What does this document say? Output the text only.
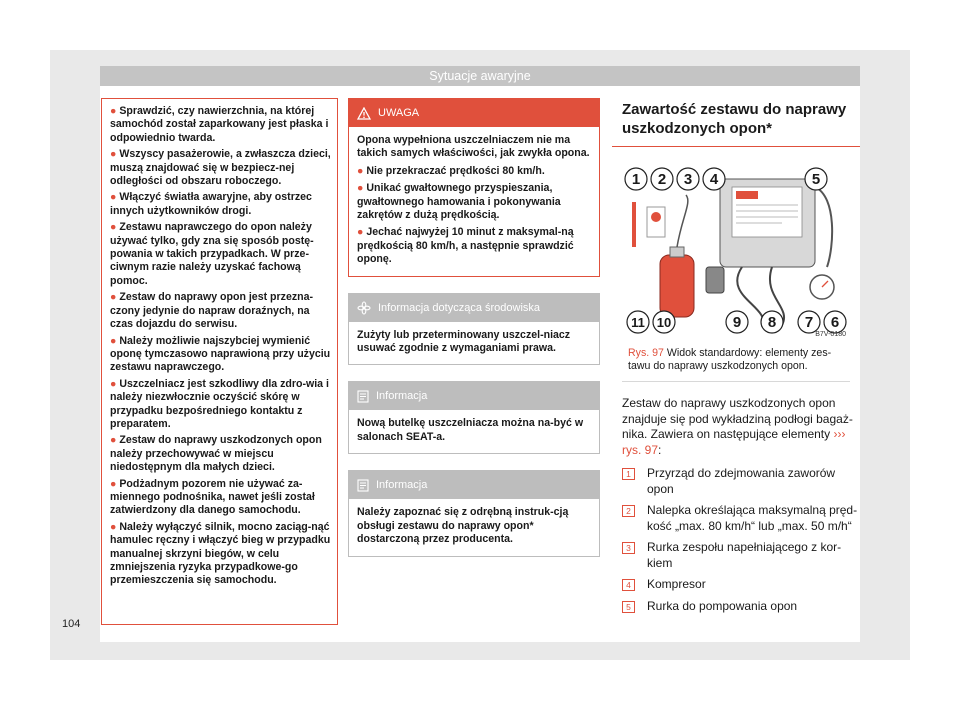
Sytuacje awaryjne
● Sprawdzić, czy nawierzchnia, na której samochód został zaparkowany jest płaska i odpowiednio twarda.
● Wszyscy pasażerowie, a zwłaszcza dzieci, muszą znajdować się w bezpiecz-nej odległości od obszaru roboczego.
● Włączyć światła awaryjne, aby ostrzec innych użytkowników drogi.
● Zestawu naprawczego do opon należy używać tylko, gdy zna się sposób postę-powania w takich przypadkach. W prze-ciwnym razie należy uzyskać fachową pomoc.
● Zestaw do naprawy opon jest przezna-czony jedynie do napraw doraźnych, na czas dojazdu do serwisu.
● Należy możliwie najszybciej wymienić oponę tymczasowo naprawioną przy użyciu zestawu naprawczego.
● Uszczelniacz jest szkodliwy dla zdro-wia i należy niezwłocznie oczyścić skórę w przypadku bezpośredniego kontaktu z preparatem.
● Zestaw do naprawy uszkodzonych opon należy przechowywać w miejscu niedostępnym dla małych dzieci.
● Podżadnym pozorem nie używać za-miennego podnośnika, nawet jeśli został zatwierdzony dla danego samochodu.
● Należy wyłączyć silnik, mocno zaciąg-nąć hamulec ręczny i włączyć bieg w przypadku manualnej skrzyni biegów, w celu zmniejszenia ryzyka przypadkowe-go przemieszczenia się samochodu.
UWAGA

Opona wypełniona uszczelniaczem nie ma takich samych właściwości, jak zwykła opona.

● Nie przekraczać prędkości 80 km/h.

● Unikać gwałtownego przyspieszania, gwałtownego hamowania i pokonywania zakrętów z dużą prędkością.

● Jechać najwyżej 10 minut z maksymal-ną prędkością 80 km/h, a następnie sprawdzić oponę.

Informacja dotycząca środowiska

Zużyty lub przeterminowany uszczel-niacz usuwać zgodnie z wymaganiami prawa.

Informacja

Nową butelkę uszczelniacza można na-być w salonach SEAT-a.

Informacja

Należy zapoznać się z odrębną instruk-cją obsługi zestawu do naprawy opon* dostarczoną przez producenta.

Zawartość zestawu do naprawy uszkodzonych opon*
1 2 3 4	5
11 10	9 8 7 6
B7V-0180
Rys. 97 Widok standardowy: elementy zes-tawu do naprawy uszkodzonych opon.

Zestaw do naprawy uszkodzonych opon znajduje się pod wykładziną podłogi bagaż-nika. Zawiera on następujące elementy ››› rys. 97:

1	Przyrząd do zdejmowania zaworów opon
2	Nalepka określająca maksymalną pręd-kość „max. 80 km/h“ lub „max. 50 m/h“
3	Rurka zespołu napełniającego z kor-kiem
4	Kompresor
5	Rurka do pompowania opon
104
